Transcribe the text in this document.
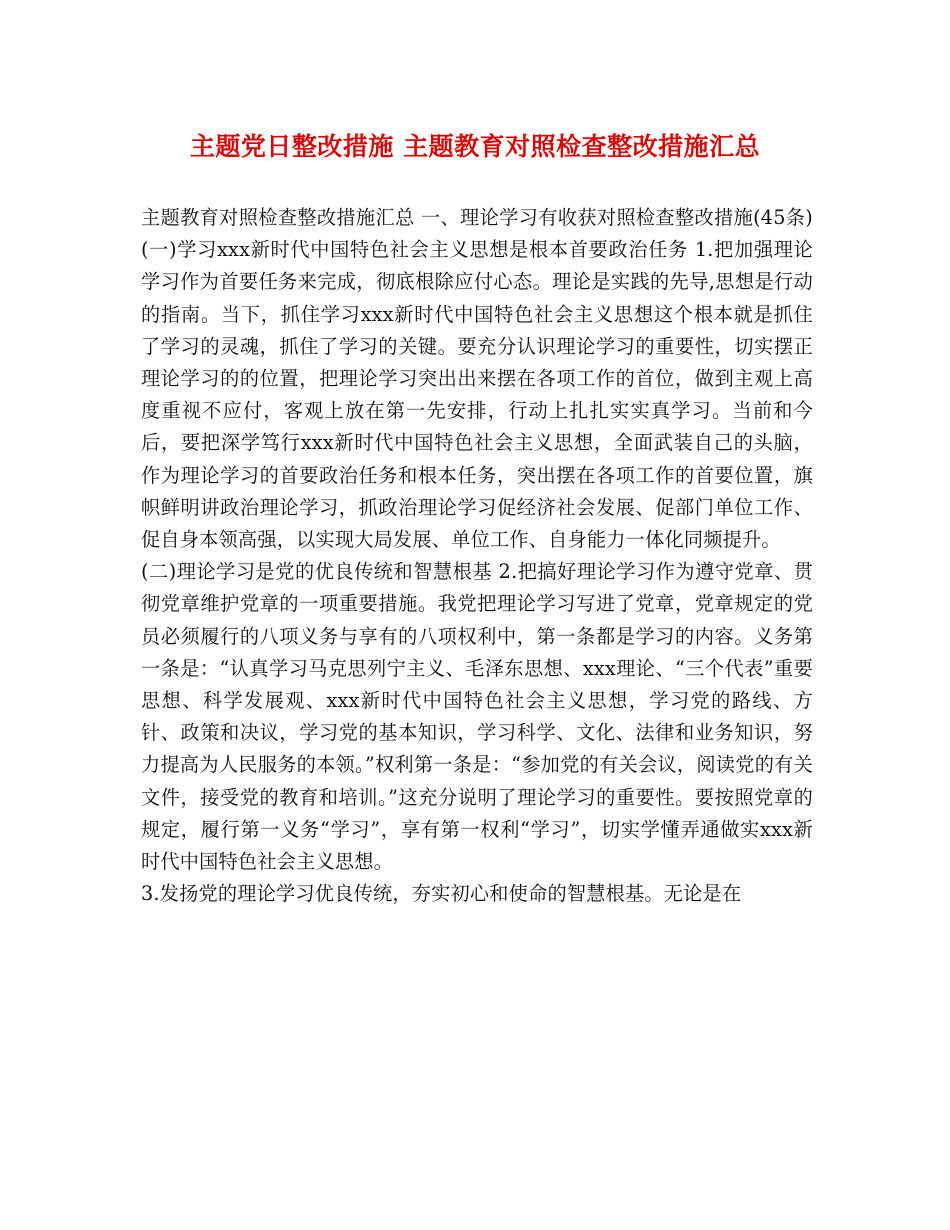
主题党日整改措施 主题教育对照检查整改措施汇总

主题教育对照检查整改措施汇总 一、理论学习有收获对照检查整改措施(45条) (一)学习xxx新时代中国特色社会主义思想是根本首要政治任务 1.把加强理论学习作为首要任务来完成，彻底根除应付心态。理论是实践的先导,思想是行动的指南。当下，抓住学习xxx新时代中国特色社会主义思想这个根本就是抓住了学习的灵魂，抓住了学习的关键。要充分认识理论学习的重要性，切实摆正理论学习的的位置，把理论学习突出出来摆在各项工作的首位，做到主观上高度重视不应付，客观上放在第一先安排，行动上扎扎实实真学习。当前和今后，要把深学笃行xxx新时代中国特色社会主义思想，全面武装自己的头脑，作为理论学习的首要政治任务和根本任务，突出摆在各项工作的首要位置，旗帜鲜明讲政治理论学习，抓政治理论学习促经济社会发展、促部门单位工作、促自身本领高强，以实现大局发展、单位工作、自身能力一体化同频提升。

(二)理论学习是党的优良传统和智慧根基 2.把搞好理论学习作为遵守党章、贯彻党章维护党章的一项重要措施。我党把理论学习写进了党章，党章规定的党员必须履行的八项义务与享有的八项权利中，第一条都是学习的内容。义务第一条是：“认真学习马克思列宁主义、毛泽东思想、xxx理论、“三个代表”重要思想、科学发展观、xxx新时代中国特色社会主义思想，学习党的路线、方针、政策和决议，学习党的基本知识，学习科学、文化、法律和业务知识，努力提高为人民服务的本领。”权利第一条是：“参加党的有关会议，阅读党的有关文件，接受党的教育和培训。”这充分说明了理论学习的重要性。要按照党章的规定，履行第一义务“学习”，享有第一权利“学习”，切实学懂弄通做实xxx新时代中国特色社会主义思想。

3.发扬党的理论学习优良传统，夯实初心和使命的智慧根基。无论是在
